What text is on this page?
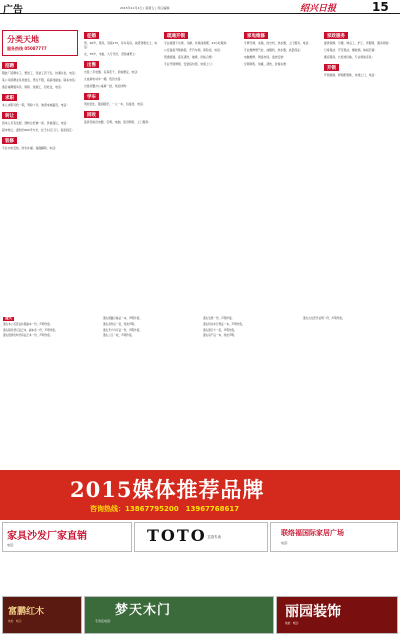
广告	2015年12月4日 | 星期五 | 责任编辑：	绍兴日报	15
分类天地
服务热线 05087777
招聘
服装厂招聘车工、整烫工、包装工若干名，待遇从优，电话：
某公司招聘业务员数名，男女不限，底薪加提成，联系电话：
酒店诚聘服务员、厨师、洗碗工，包吃住，电话：
求职
本人求职司机一职，驾龄十年，熟悉本地路况，电话：
转让
因本人另有发展，现转让旺铺一间，价格面议，电话：
超市转让，面积约200平方米，位于小区门口，客流稳定：
装修
专业水电安装、防水补漏、墙面翻新，电话：
征婚
男，40岁，离异，身高175，有车有房，诚觅贤惠女士，电话：
女，35岁，未婚，大专学历，觅稳重男士：
出售
出售二手电器、家具若干，价格便宜，电话：
九成新电动车一辆，低价出售：
出售闲置办公桌椅一批，欢迎选购：
学车
驾校招生，随到随学，一人一车，包接送，电话：
回收
高价回收旧电器、空调、电脑、废旧物资，上门服务：
疏通开锁
专业疏通下水道、马桶、化粪池清理，24小时服务：
公安备案开锁换锁，开汽车锁、保险柜，电话：
管道疏通、高压清洗、抽粪，价格合理：
专业开锁修锁，安装指纹锁，快速上门：
家电维修
专修空调、冰箱、洗衣机、热水器，上门服务，电话：
专业维修燃气灶、油烟机、热水器，质量保证：
电脑维修、网络布线、监控安装：
空调移机、加氟、清洗，价格实惠：
家政服务
提供保姆、月嫂、钟点工、护工、育婴师，服务周到：
日常保洁、开荒保洁、擦玻璃、地板打蜡：
搬家服务，长短途运输，专业拆装家具：
开锁
开锁换锁、修锁配钥匙，快速上门，电话：

遗失

遗失本公司营业执照副本一份，声明作废。

遗失税务登记证正本、副本各一份，声明作废。

遗失组织机构代码证正本一份，声明作废。

遗失道路运输证一本，声明作废。

遗失身份证一张，特此声明。

遗失开户许可证一份，声明作废。

遗失公章一枚，声明作废。

遗失发票一份，声明作废。

遗失机动车行驶证一本，声明作废。

遗失银行卡一张，声明作废。

遗失房产证一本，特此声明。

遗失出生医学证明一份，声明作废。

2015媒体推荐品牌
咨询热线：13867795200　13967768617
家具沙发厂家直销
电话：	TOTO 卫浴专卖	联络福国际家居广场
电话：
富鹏红木
地址：电话：
梦天木门
专卖店电话：
丽园装饰
地址：电话：
